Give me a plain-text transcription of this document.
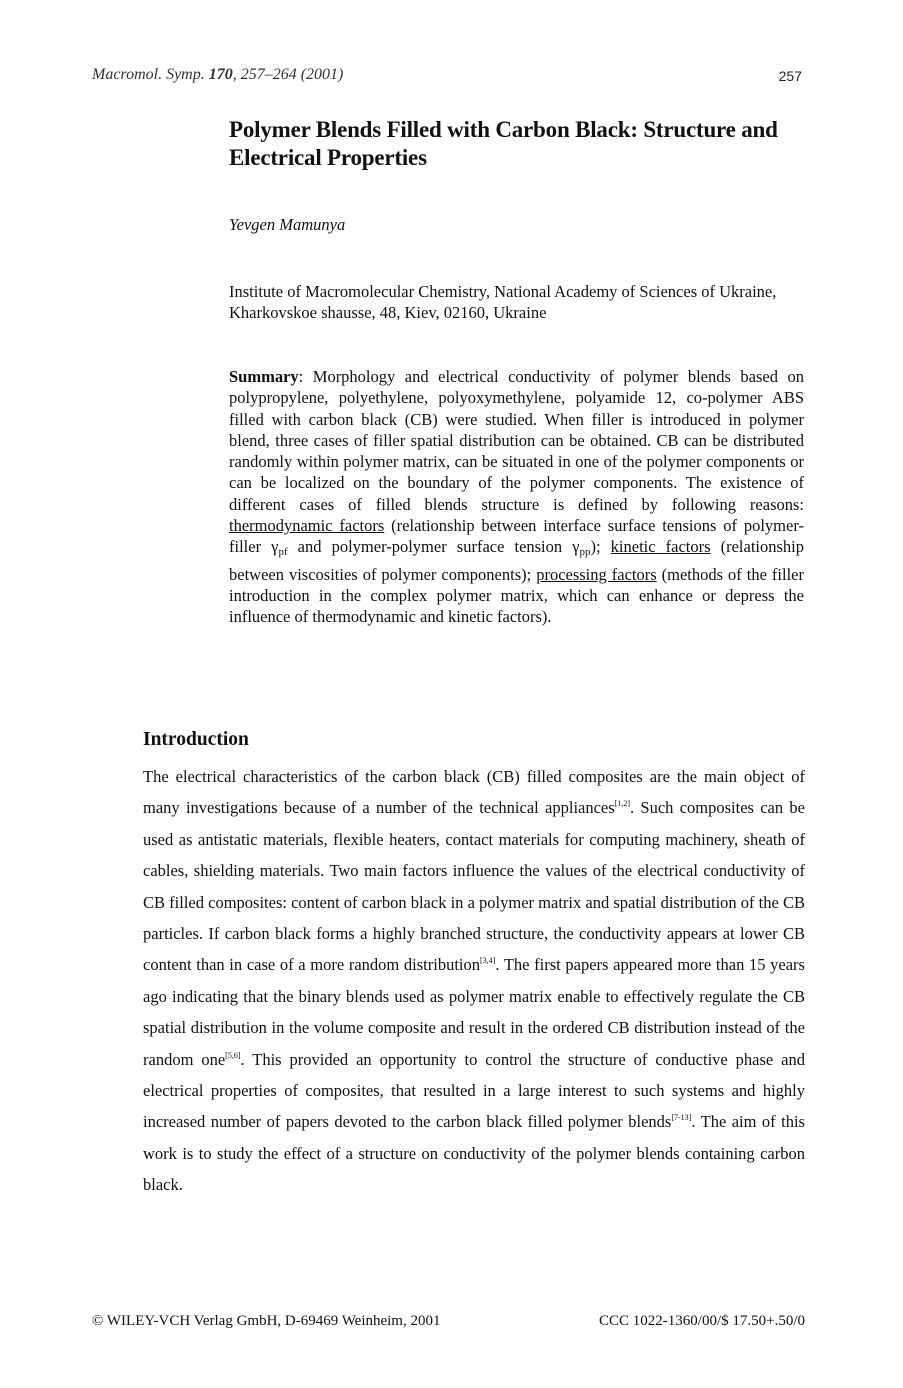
Macromol. Symp. 170, 257–264 (2001)	257
Polymer Blends Filled with Carbon Black: Structure and Electrical Properties
Yevgen Mamunya
Institute of Macromolecular Chemistry, National Academy of Sciences of Ukraine, Kharkovskoe shausse, 48, Kiev, 02160, Ukraine

Summary: Morphology and electrical conductivity of polymer blends based on polypropylene, polyethylene, polyoxymethylene, polyamide 12, co-polymer ABS filled with carbon black (CB) were studied. When filler is introduced in polymer blend, three cases of filler spatial distribution can be obtained. CB can be distributed randomly within polymer matrix, can be situated in one of the polymer components or can be localized on the boundary of the polymer components. The existence of different cases of filled blends structure is defined by following reasons: thermodynamic factors (relationship between interface surface tensions of polymer-filler $\gamma_{pf}$ and polymer-polymer surface tension $\gamma_{pp}$); kinetic factors (relationship between viscosities of polymer components); processing factors (methods of the filler introduction in the complex polymer matrix, which can enhance or depress the influence of thermodynamic and kinetic factors).

Introduction

The electrical characteristics of the carbon black (CB) filled composites are the main object of many investigations because of a number of the technical appliances[1,2]. Such composites can be used as antistatic materials, flexible heaters, contact materials for computing machinery, sheath of cables, shielding materials. Two main factors influence the values of the electrical conductivity of CB filled composites: content of carbon black in a polymer matrix and spatial distribution of the CB particles. If carbon black forms a highly branched structure, the conductivity appears at lower CB content than in case of a more random distribution[3,4]. The first papers appeared more than 15 years ago indicating that the binary blends used as polymer matrix enable to effectively regulate the CB spatial distribution in the volume composite and result in the ordered CB distribution instead of the random one[5,6]. This provided an opportunity to control the structure of conductive phase and electrical properties of composites, that resulted in a large interest to such systems and highly increased number of papers devoted to the carbon black filled polymer blends[7-13]. The aim of this work is to study the effect of a structure on conductivity of the polymer blends containing carbon black.

© WILEY-VCH Verlag GmbH, D-69469 Weinheim, 2001	CCC 1022-1360/00/$ 17.50+.50/0
